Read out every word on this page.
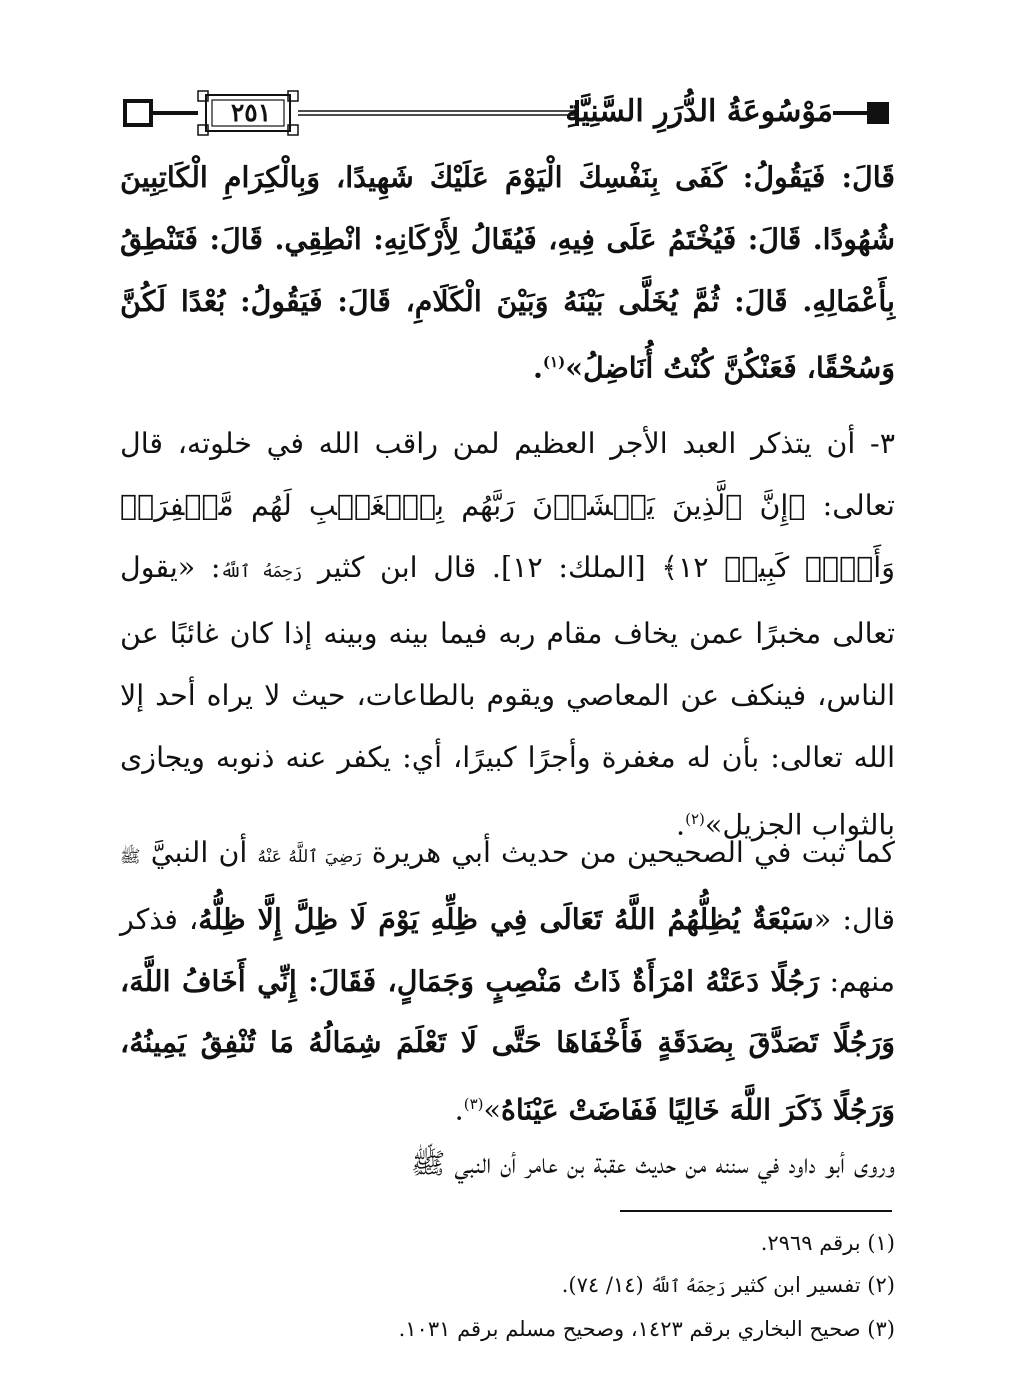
٢٥١	مَوْسُوعَةُ الدُّرَرِ السَّنِيَّةِ

قَالَ: فَيَقُولُ: كَفَى بِنَفْسِكَ الْيَوْمَ عَلَيْكَ شَهِيدًا، وَبِالْكِرَامِ الْكَاتِبِينَ شُهُودًا. قَالَ: فَيُخْتَمُ عَلَى فِيهِ، فَيُقَالُ لِأَرْكَانِهِ: انْطِقِي. قَالَ: فَتَنْطِقُ بِأَعْمَالِهِ. قَالَ: ثُمَّ يُخَلَّى بَيْنَهُ وَبَيْنَ الْكَلَامِ، قَالَ: فَيَقُولُ: بُعْدًا لَكُنَّ وَسُحْقًا، فَعَنْكُنَّ كُنْتُ أُنَاضِلُ»$^{(١)}$.

٣- أن يتذكر العبد الأجر العظيم لمن راقب الله في خلوته، قال تعالى: ﴿إِنَّ ٱلَّذِينَ يَخۡشَوۡنَ رَبَّهُم بِٱلۡغَيۡبِ لَهُم مَّغۡفِرَةٞ وَأَجۡرٞ كَبِيرٞ ١٢﴾ [الملك: ١٢]. قال ابن كثير رَحِمَهُ ٱللَّهُ: «يقول تعالى مخبرًا عمن يخاف مقام ربه فيما بينه وبينه إذا كان غائبًا عن الناس، فينكف عن المعاصي ويقوم بالطاعات، حيث لا يراه أحد إلا الله تعالى: بأن له مغفرة وأجرًا كبيرًا، أي: يكفر عنه ذنوبه ويجازى بالثواب الجزيل»$^{(٢)}$.

كما ثبت في الصحيحين من حديث أبي هريرة رَضِيَ ٱللَّهُ عَنْهُ أن النبيَّ ﷺ قال: «سَبْعَةٌ يُظِلُّهُمُ اللَّهُ تَعَالَى فِي ظِلِّهِ يَوْمَ لَا ظِلَّ إِلَّا ظِلُّهُ، فذكر منهم: رَجُلًا دَعَتْهُ امْرَأَةٌ ذَاتُ مَنْصِبٍ وَجَمَالٍ، فَقَالَ: إِنِّي أَخَافُ اللَّهَ، وَرَجُلًا تَصَدَّقَ بِصَدَقَةٍ فَأَخْفَاهَا حَتَّى لَا تَعْلَمَ شِمَالُهُ مَا تُنْفِقُ يَمِينُهُ، وَرَجُلًا ذَكَرَ اللَّهَ خَالِيًا فَفَاضَتْ عَيْنَاهُ»$^{(٣)}$.

وروى أبو داود في سننه من حديث عقبة بن عامر أن النبي ﷺ

(١) برقم ٢٩٦٩.

(٢) تفسير ابن كثير رَحِمَهُ ٱللَّهُ (١٤/ ٧٤).

(٣) صحيح البخاري برقم ١٤٢٣، وصحيح مسلم برقم ١٠٣١.
